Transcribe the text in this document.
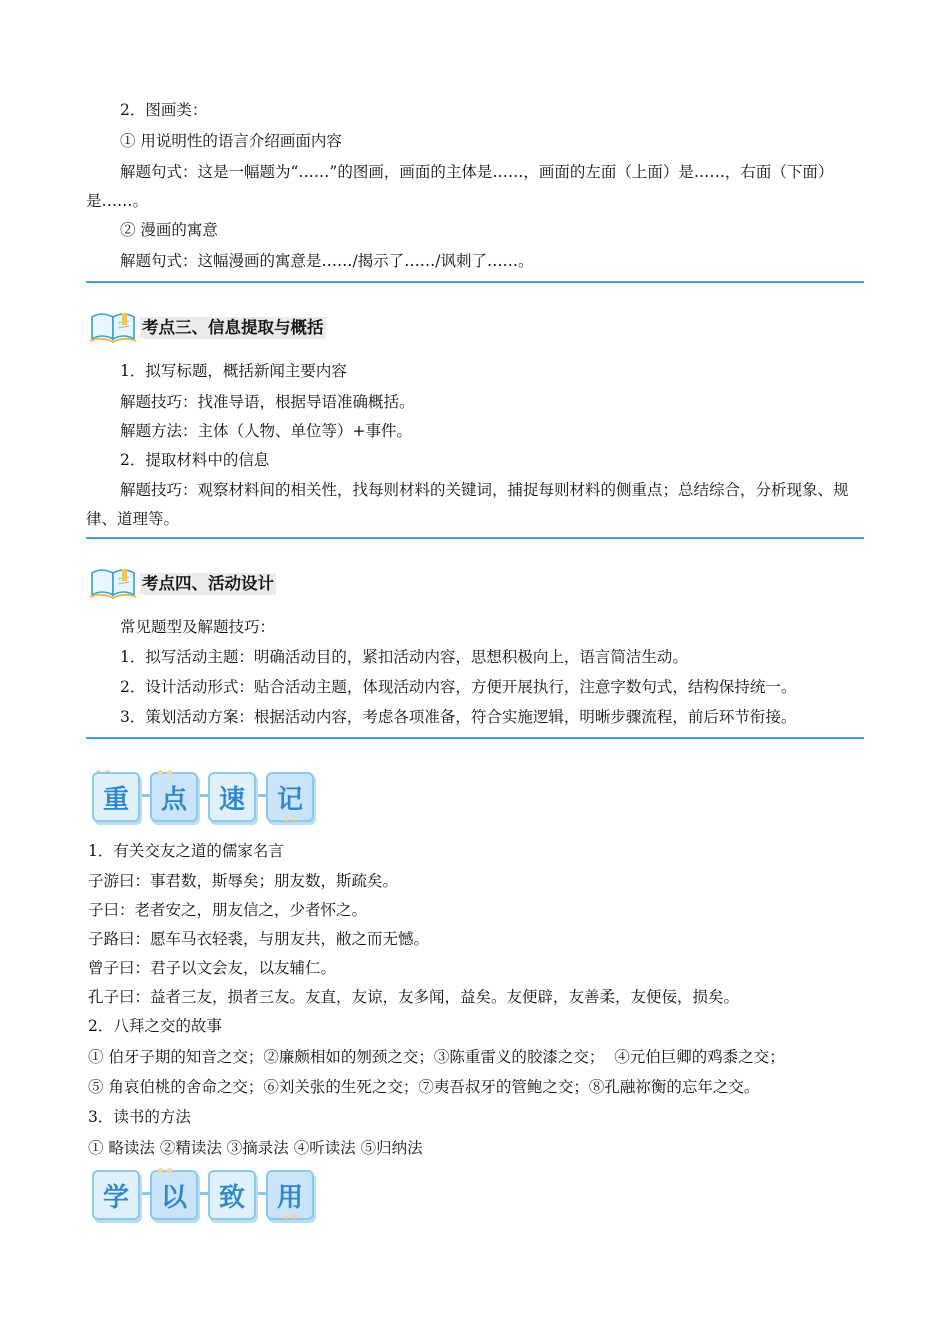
2．图画类：
① 用说明性的语言介绍画面内容
解题句式：这是一幅题为“……”的图画，画面的主体是……，画面的左面（上面）是……，右面（下面）是……。
② 漫画的寓意
解题句式：这幅漫画的寓意是……/揭示了……/讽刺了……。
考点三、信息提取与概括
1．拟写标题，概括新闻主要内容
解题技巧：找准导语，根据导语准确概括。
解题方法：主体（人物、单位等）+事件。
2．提取材料中的信息
解题技巧：观察材料间的相关性，找每则材料的关键词，捕捉每则材料的侧重点；总结综合，分析现象、规律、道理等。
考点四、活动设计
常见题型及解题技巧：
1．拟写活动主题：明确活动目的，紧扣活动内容，思想积极向上，语言简洁生动。
2．设计活动形式：贴合活动主题，体现活动内容，方便开展执行，注意字数句式，结构保持统一。
3．策划活动方案：根据活动内容，考虑各项准备，符合实施逻辑，明晰步骤流程，前后环节衔接。
重	点	速	记
1．有关交友之道的儒家名言
子游曰：事君数，斯辱矣；朋友数，斯疏矣。
子曰：老者安之，朋友信之，少者怀之。
子路曰：愿车马衣轻裘，与朋友共，敝之而无憾。
曾子曰：君子以文会友，以友辅仁。
孔子曰：益者三友，损者三友。友直，友谅，友多闻，益矣。友便辟，友善柔，友便佞，损矣。
2．八拜之交的故事
① 伯牙子期的知音之交；②廉颇相如的刎颈之交；③陈重雷义的胶漆之交；  ④元伯巨卿的鸡黍之交；
⑤ 角哀伯桃的舍命之交；⑥刘关张的生死之交；⑦夷吾叔牙的管鲍之交；⑧孔融祢衡的忘年之交。
3．读书的方法
① 略读法 ②精读法 ③摘录法 ④听读法 ⑤归纳法
学	以	致	用
